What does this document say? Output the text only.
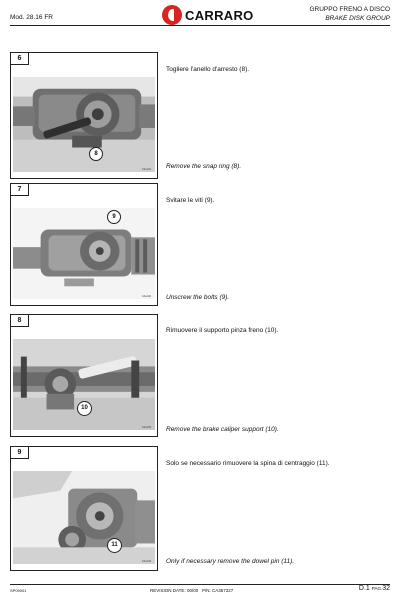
Mod. 28.16 FR	CARRARO	GRUPPO FRENO A DISCO
BRAKE DISK GROUP
6
8
CAxx01
Togliere l'anello d'arresto (8).
Remove the snap ring (8).
7
9
CAxx02
Svitare le viti (9).
Unscrew the bolts (9).
8
10
CAxx03
Rimuovere il supporto pinza freno (10).
Remove the brake caliper support (10).
9
11
CAxx04
Solo se necessario rimuovere la spina di centraggio (11).
Only if necessary remove the dowel pin (11).
SP09001	REVISION DATE: 00/00 P/N: CA357327	D.1 PAG.32
